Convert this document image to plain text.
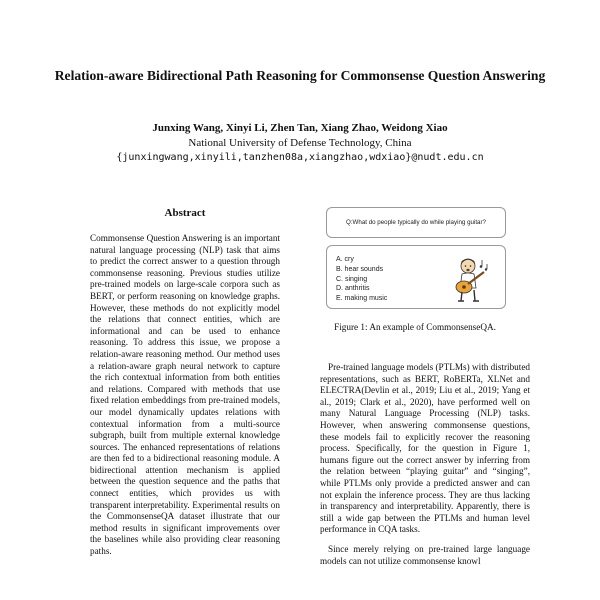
Relation-aware Bidirectional Path Reasoning for Commonsense Question Answering
Junxing Wang, Xinyi Li, Zhen Tan, Xiang Zhao, Weidong Xiao
National University of Defense Technology, China
{junxingwang,xinyili,tanzhen08a,xiangzhao,wdxiao}@nudt.edu.cn
Abstract
Commonsense Question Answering is an important natural language processing (NLP) task that aims to predict the correct answer to a question through commonsense reasoning. Previous studies utilize pre-trained models on large-scale corpora such as BERT, or perform reasoning on knowledge graphs. However, these methods do not explicitly model the relations that connect entities, which are informational and can be used to enhance reasoning. To address this issue, we propose a relation-aware reasoning method. Our method uses a relation-aware graph neural network to capture the rich contextual information from both entities and relations. Compared with methods that use fixed relation embeddings from pre-trained models, our model dynamically updates relations with contextual information from a multi-source subgraph, built from multiple external knowledge sources. The enhanced representations of relations are then fed to a bidirectional reasoning module. A bidirectional attention mechanism is applied between the question sequence and the paths that connect entities, which provides us with transparent interpretability. Experimental results on the CommonsenseQA dataset illustrate that our method results in significant improvements over the baselines while also providing clear reasoning paths.
Q:What do people typically do while playing guitar?
A. cry
B. hear sounds
C. singing
D. anthritis
E. making music
Figure 1: An example of CommonsenseQA.

Pre-trained language models (PTLMs) with distributed representations, such as BERT, RoBERTa, XLNet and ELECTRA(Devlin et al., 2019; Liu et al., 2019; Yang et al., 2019; Clark et al., 2020), have performed well on many Natural Language Processing (NLP) tasks. However, when answering commonsense questions, these models fail to explicitly recover the reasoning process. Specifically, for the question in Figure 1, humans figure out the correct answer by inferring from the relation between “playing guitar” and “singing”, while PTLMs only provide a predicted answer and can not explain the inference process. They are thus lacking in transparency and interpretability. Apparently, there is still a wide gap between the PTLMs and human level performance in CQA tasks.

Since merely relying on pre-trained large language models can not utilize commonsense knowl
